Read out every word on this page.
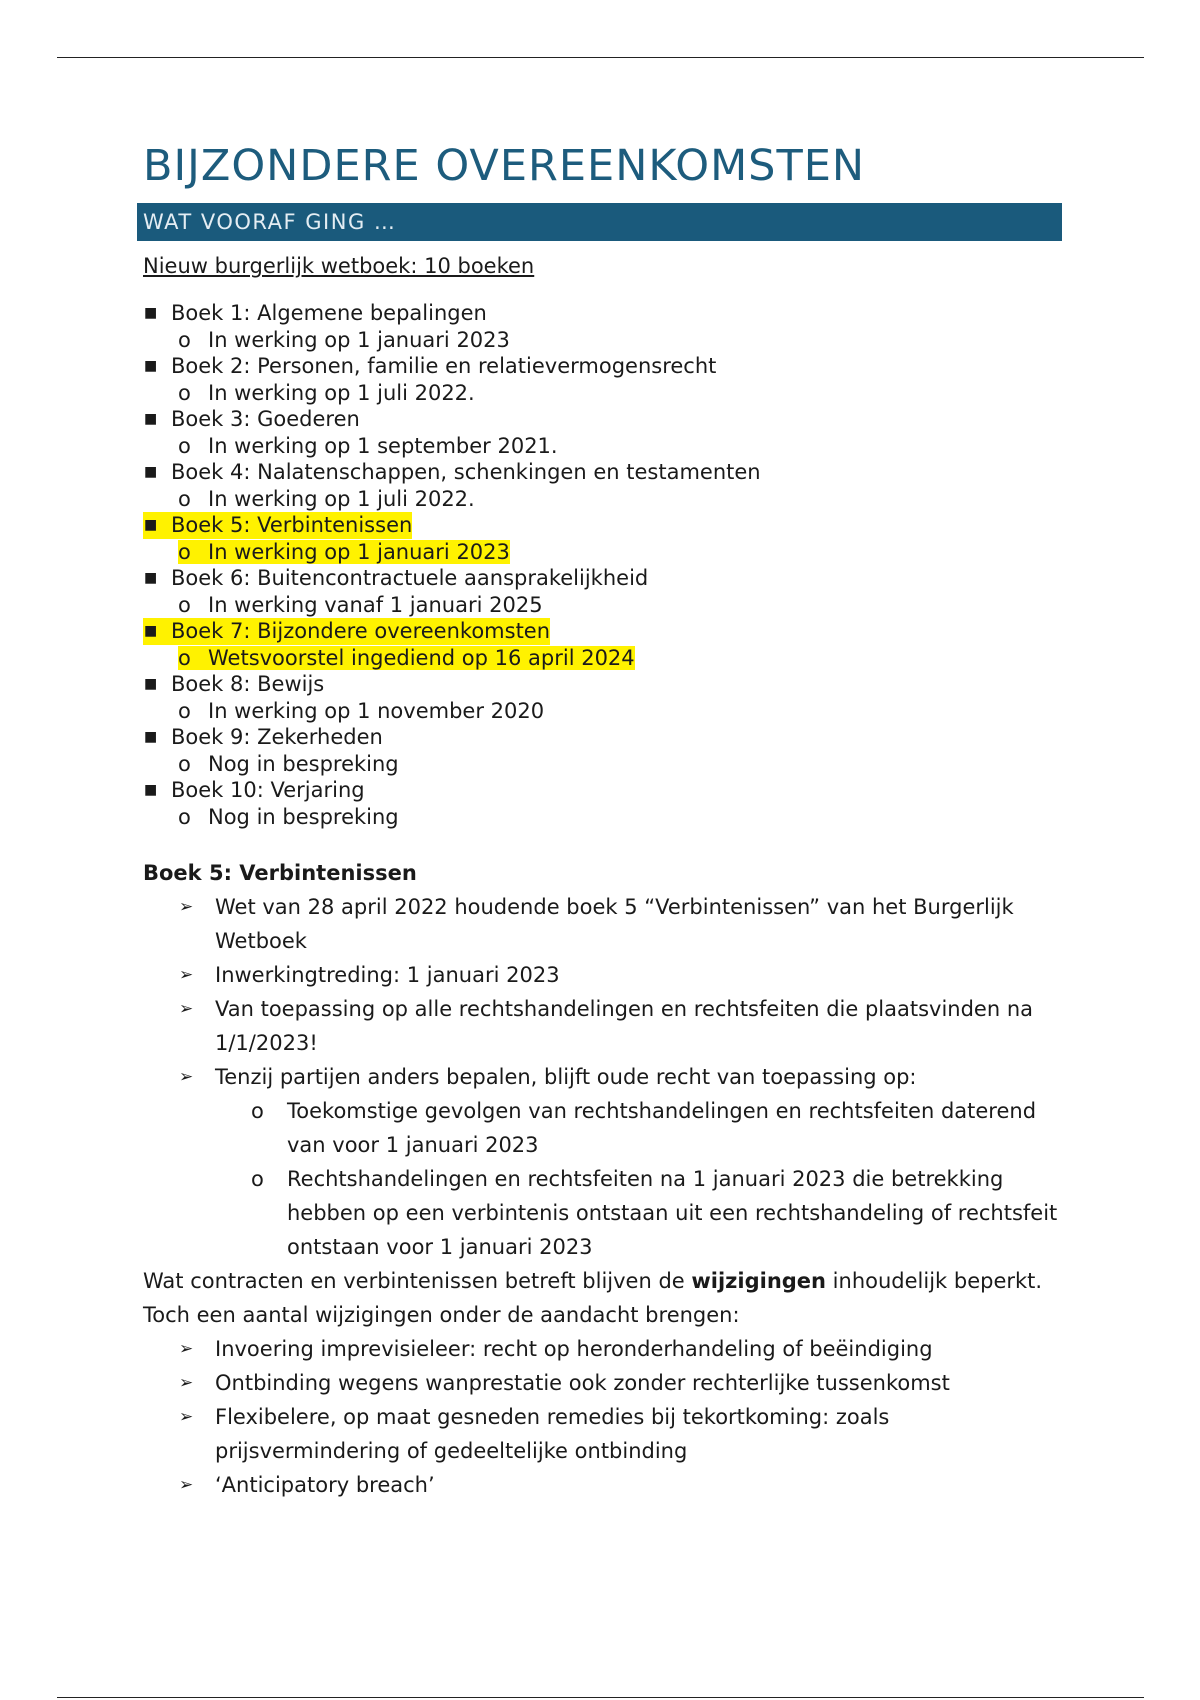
BIJZONDERE OVEREENKOMSTEN
WAT VOORAF GING …

Nieuw burgerlijk wetboek: 10 boeken

■ Boek 1: Algemene bepalingen
o In werking op 1 januari 2023
■ Boek 2: Personen, familie en relatievermogensrecht
o In werking op 1 juli 2022.
■ Boek 3: Goederen
o In werking op 1 september 2021.
■ Boek 4: Nalatenschappen, schenkingen en testamenten
o In werking op 1 juli 2022.
■ Boek 5: Verbintenissen
o In werking op 1 januari 2023
■ Boek 6: Buitencontractuele aansprakelijkheid
o In werking vanaf 1 januari 2025
■ Boek 7: Bijzondere overeenkomsten
o Wetsvoorstel ingediend op 16 april 2024
■ Boek 8: Bewijs
o In werking op 1 november 2020
■ Boek 9: Zekerheden
o Nog in bespreking
■ Boek 10: Verjaring
o Nog in bespreking

Boek 5: Verbintenissen

➢ Wet van 28 april 2022 houdende boek 5 “Verbintenissen” van het Burgerlijk Wetboek
➢ Inwerkingtreding: 1 januari 2023
➢ Van toepassing op alle rechtshandelingen en rechtsfeiten die plaatsvinden na 1/1/2023!
➢ Tenzij partijen anders bepalen, blijft oude recht van toepassing op:
o Toekomstige gevolgen van rechtshandelingen en rechtsfeiten daterend van voor 1 januari 2023
o Rechtshandelingen en rechtsfeiten na 1 januari 2023 die betrekking hebben op een verbintenis ontstaan uit een rechtshandeling of rechtsfeit ontstaan voor 1 januari 2023

Wat contracten en verbintenissen betreft blijven de wijzigingen inhoudelijk beperkt.

Toch een aantal wijzigingen onder de aandacht brengen:

➢ Invoering imprevisieleer: recht op heronderhandeling of beëindiging
➢ Ontbinding wegens wanprestatie ook zonder rechterlijke tussenkomst
➢ Flexibelere, op maat gesneden remedies bij tekortkoming: zoals prijsvermindering of gedeeltelijke ontbinding
➢ ‘Anticipatory breach’
